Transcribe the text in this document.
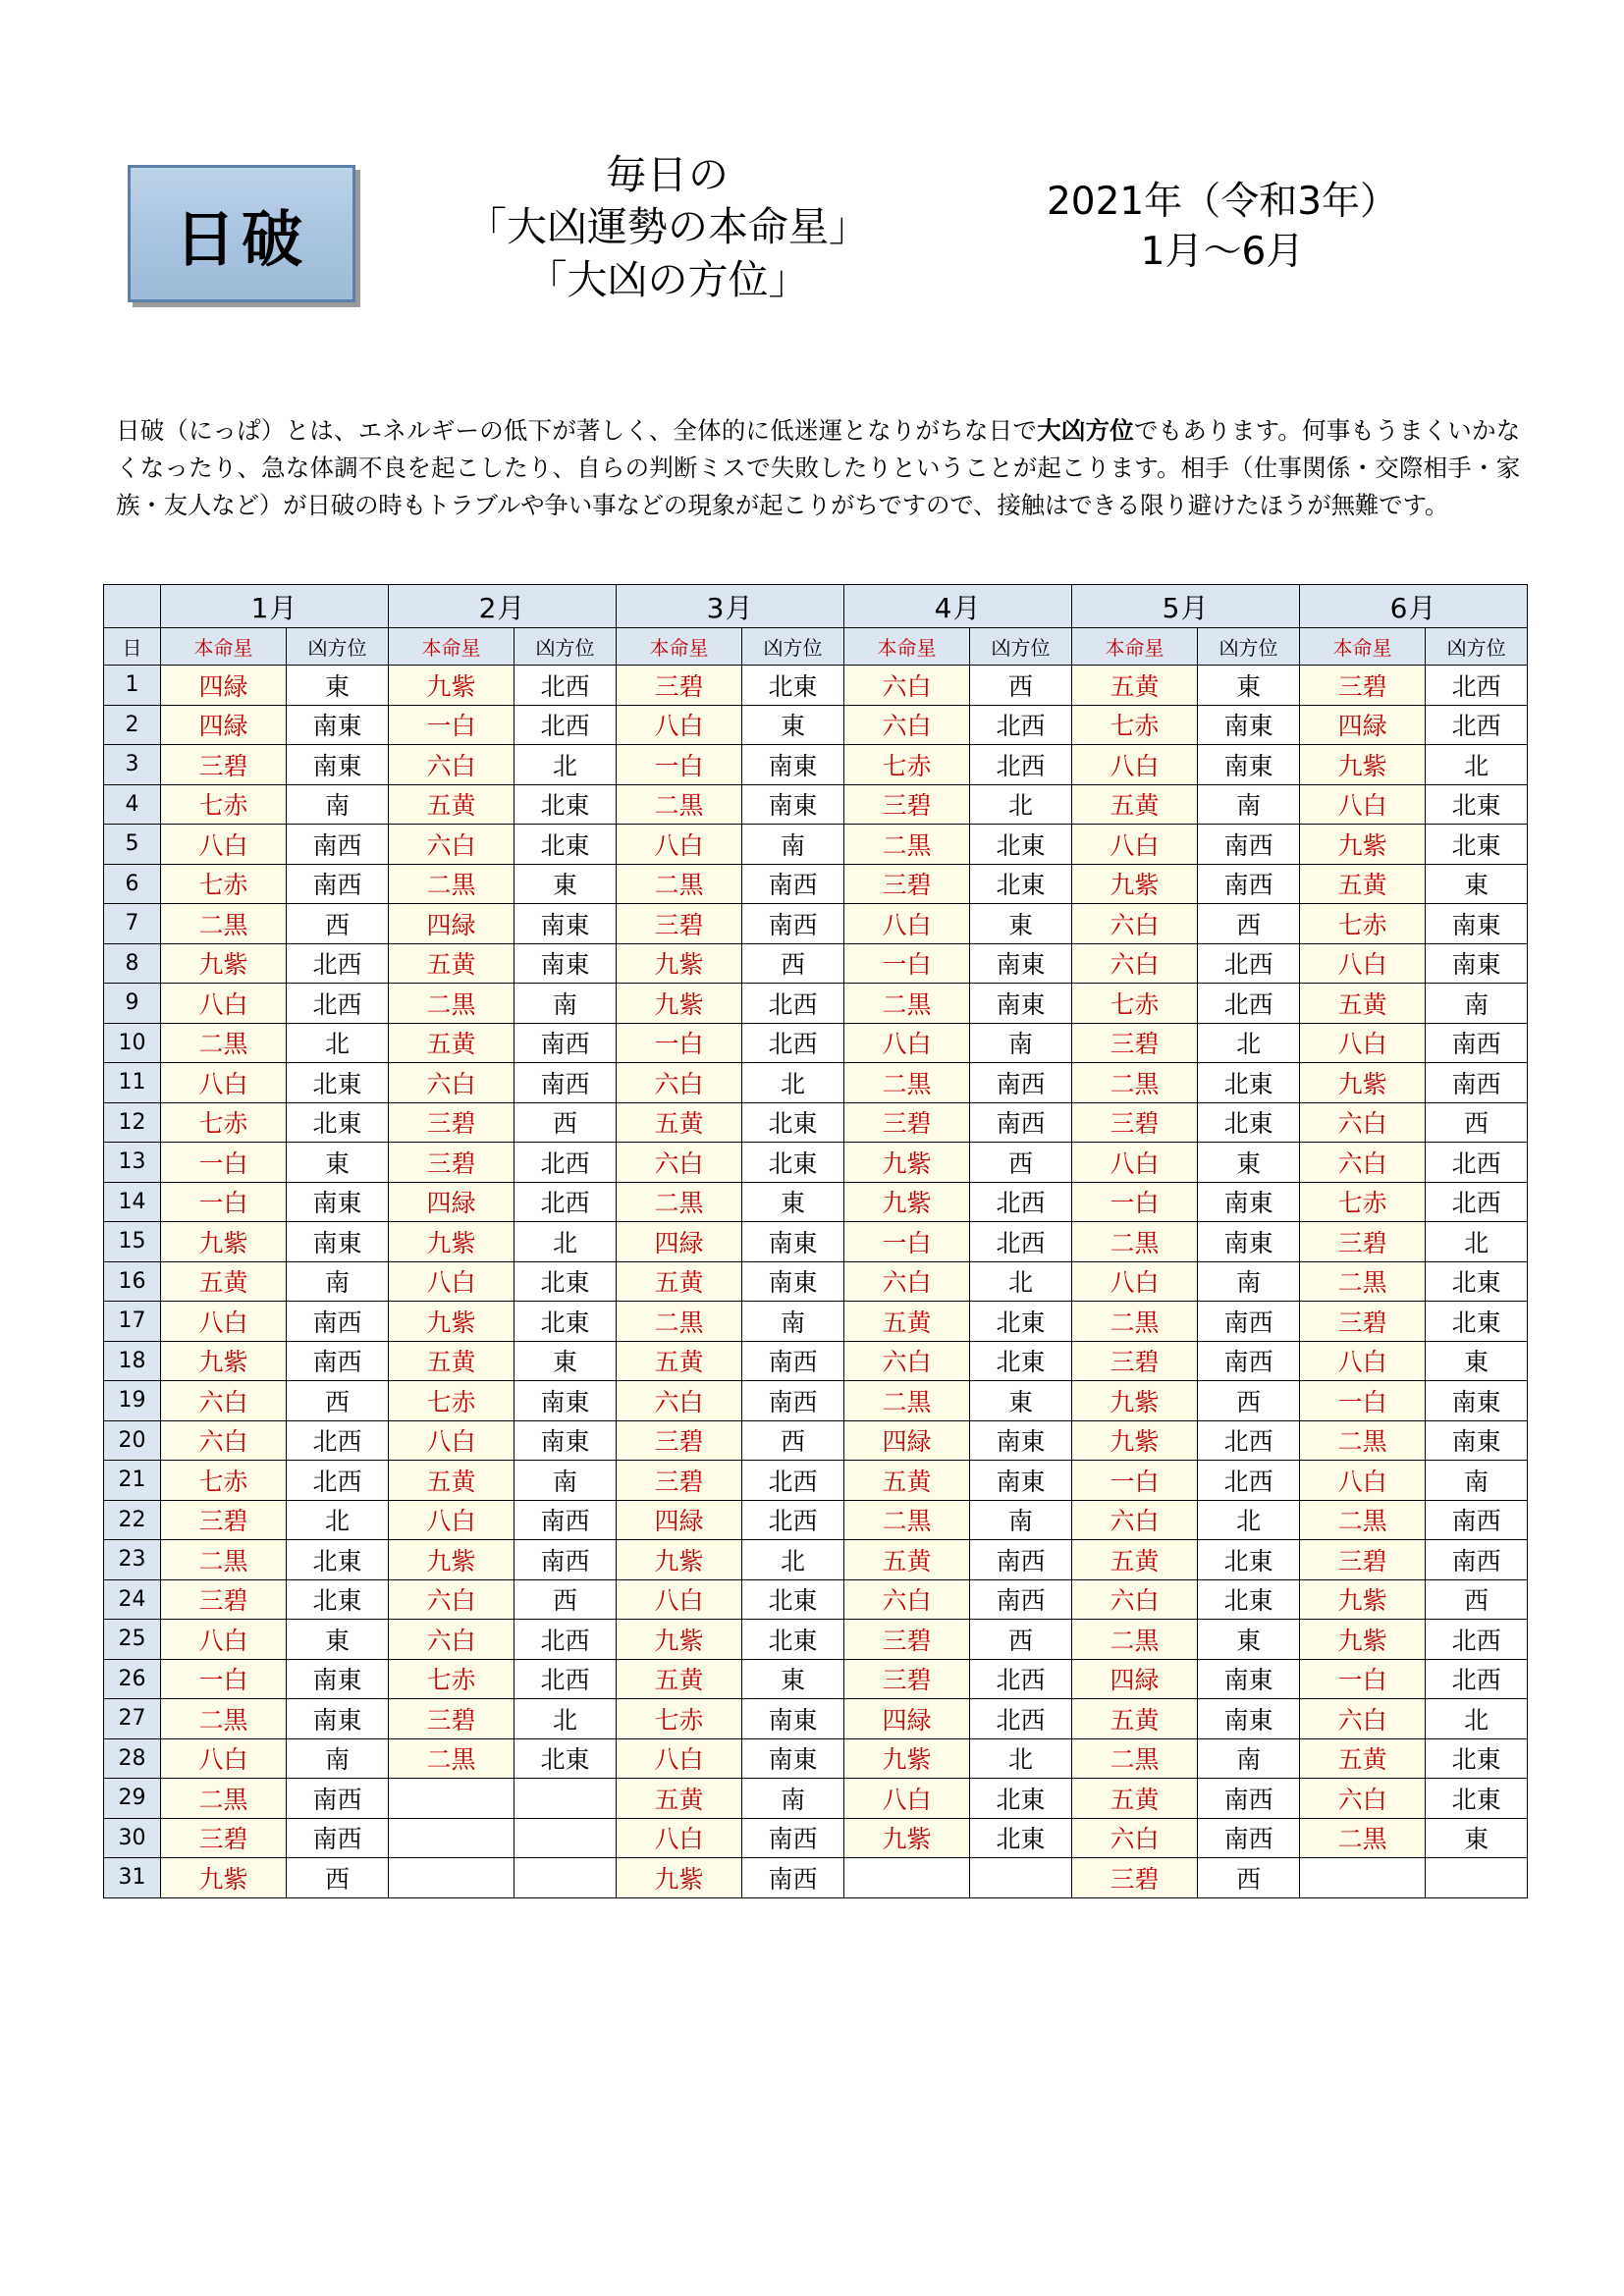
日破
毎日の
「大凶運勢の本命星」
「大凶の方位」
2021年（令和3年）
1月～6月
日破（にっぱ）とは、エネルギーの低下が著しく、全体的に低迷運となりがちな日で大凶方位でもあります。何事もうまくいかなくなったり、急な体調不良を起こしたり、自らの判断ミスで失敗したりということが起こります。相手（仕事関係・交際相手・家族・友人など）が日破の時もトラブルや争い事などの現象が起こりがちですので、接触はできる限り避けたほうが無難です。
	1月		2月		3月		4月		5月		6月	
日	本命星	凶方位	本命星	凶方位	本命星	凶方位	本命星	凶方位	本命星	凶方位	本命星	凶方位
1	四緑	東	九紫	北西	三碧	北東	六白	西	五黄	東	三碧	北西
2	四緑	南東	一白	北西	八白	東	六白	北西	七赤	南東	四緑	北西
3	三碧	南東	六白	北	一白	南東	七赤	北西	八白	南東	九紫	北
4	七赤	南	五黄	北東	二黒	南東	三碧	北	五黄	南	八白	北東
5	八白	南西	六白	北東	八白	南	二黒	北東	八白	南西	九紫	北東
6	七赤	南西	二黒	東	二黒	南西	三碧	北東	九紫	南西	五黄	東
7	二黒	西	四緑	南東	三碧	南西	八白	東	六白	西	七赤	南東
8	九紫	北西	五黄	南東	九紫	西	一白	南東	六白	北西	八白	南東
9	八白	北西	二黒	南	九紫	北西	二黒	南東	七赤	北西	五黄	南
10	二黒	北	五黄	南西	一白	北西	八白	南	三碧	北	八白	南西
11	八白	北東	六白	南西	六白	北	二黒	南西	二黒	北東	九紫	南西
12	七赤	北東	三碧	西	五黄	北東	三碧	南西	三碧	北東	六白	西
13	一白	東	三碧	北西	六白	北東	九紫	西	八白	東	六白	北西
14	一白	南東	四緑	北西	二黒	東	九紫	北西	一白	南東	七赤	北西
15	九紫	南東	九紫	北	四緑	南東	一白	北西	二黒	南東	三碧	北
16	五黄	南	八白	北東	五黄	南東	六白	北	八白	南	二黒	北東
17	八白	南西	九紫	北東	二黒	南	五黄	北東	二黒	南西	三碧	北東
18	九紫	南西	五黄	東	五黄	南西	六白	北東	三碧	南西	八白	東
19	六白	西	七赤	南東	六白	南西	二黒	東	九紫	西	一白	南東
20	六白	北西	八白	南東	三碧	西	四緑	南東	九紫	北西	二黒	南東
21	七赤	北西	五黄	南	三碧	北西	五黄	南東	一白	北西	八白	南
22	三碧	北	八白	南西	四緑	北西	二黒	南	六白	北	二黒	南西
23	二黒	北東	九紫	南西	九紫	北	五黄	南西	五黄	北東	三碧	南西
24	三碧	北東	六白	西	八白	北東	六白	南西	六白	北東	九紫	西
25	八白	東	六白	北西	九紫	北東	三碧	西	二黒	東	九紫	北西
26	一白	南東	七赤	北西	五黄	東	三碧	北西	四緑	南東	一白	北西
27	二黒	南東	三碧	北	七赤	南東	四緑	北西	五黄	南東	六白	北
28	八白	南	二黒	北東	八白	南東	九紫	北	二黒	南	五黄	北東
29	二黒	南西			五黄	南	八白	北東	五黄	南西	六白	北東
30	三碧	南西			八白	南西	九紫	北東	六白	南西	二黒	東
31	九紫	西			九紫	南西			三碧	西		
